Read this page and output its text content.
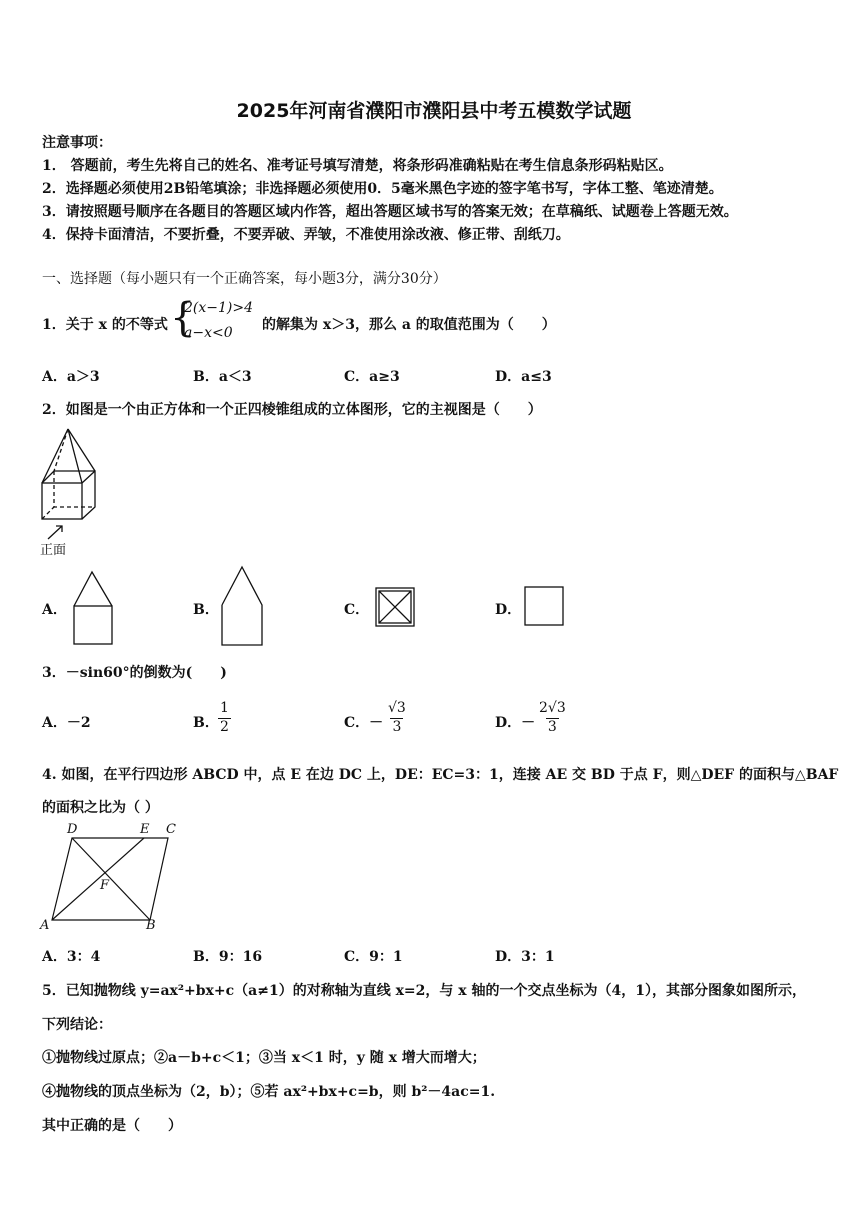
2025年河南省濮阳市濮阳县中考五模数学试题
注意事项：
1． 答题前，考生先将自己的姓名、准考证号填写清楚，将条形码准确粘贴在考生信息条形码粘贴区。
2．选择题必须使用2B铅笔填涂；非选择题必须使用0．5毫米黑色字迹的签字笔书写，字体工整、笔迹清楚。
3．请按照题号顺序在各题目的答题区域内作答，超出答题区域书写的答案无效；在草稿纸、试题卷上答题无效。
4．保持卡面清洁，不要折叠，不要弄破、弄皱，不准使用涂改液、修正带、刮纸刀。
一、选择题（每小题只有一个正确答案，每小题3分，满分30分）
1．关于 x 的不等式 {
2(x−1)>4
a−x<0 的解集为 x＞3，那么 a 的取值范围为（　　）
A．a＞3	B．a＜3	C．a≥3	D．a≤3
2．如图是一个由正方体和一个正四棱锥组成的立体图形，它的主视图是（　　）
正面
A．	B．	C．	D．
3．－sin60°的倒数为(　　)
A．－2	B． $\frac{1}{2}$	C．－ $\frac{√3}{3}$	D．－ $\frac{2√3}{3}$
4. 如图，在平行四边形 ABCD 中，点 E 在边 DC 上，DE：EC=3：1，连接 AE 交 BD 于点 F，则△DEF 的面积与△BAF
的面积之比为（ ）
D	E C
F
A	B
A．3：4	B．9：16	C．9：1	D．3：1
5．已知抛物线 y=ax²+bx+c（a≠1）的对称轴为直线 x=2，与 x 轴的一个交点坐标为（4，1），其部分图象如图所示，
下列结论：
①抛物线过原点；②a－b+c＜1；③当 x＜1 时，y 随 x 增大而增大；
④抛物线的顶点坐标为（2，b）；⑤若 ax²+bx+c=b，则 b²－4ac=1.
其中正确的是（　　）
